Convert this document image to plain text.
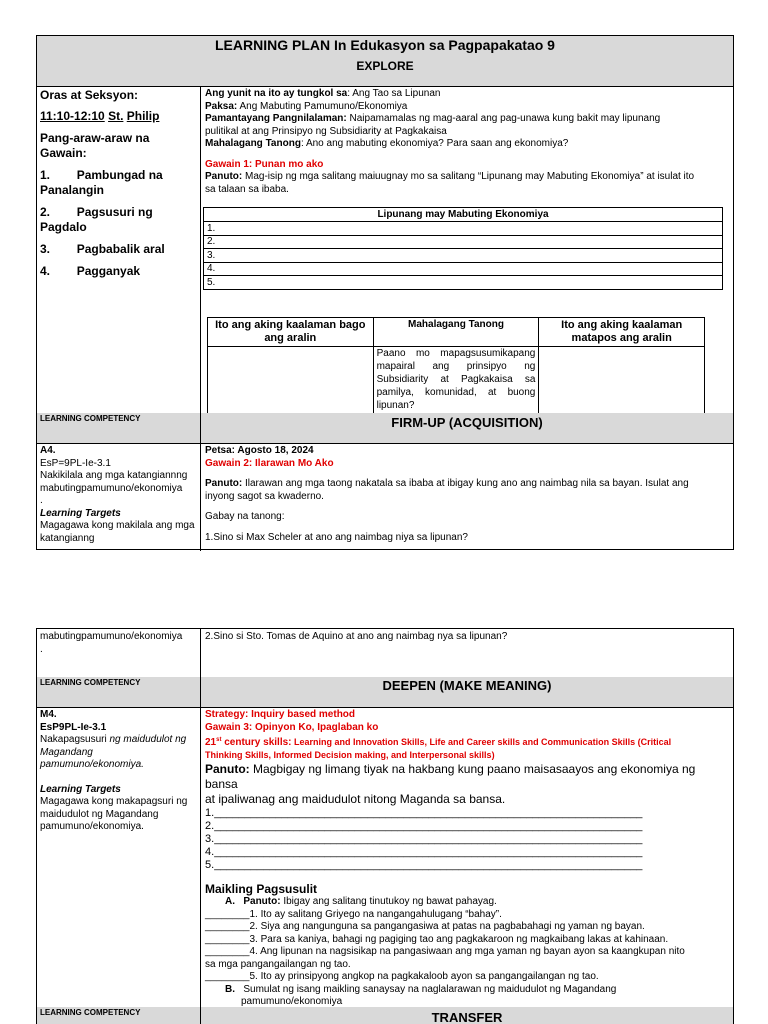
LEARNING PLAN In Edukasyon sa Pagpapakatao 9
EXPLORE
Oras at Seksyon:
11:10-12:10 St. Philip
Pang-araw-araw na Gawain:
1. Pambungad na
Panalangin
2. Pagsusuri ng
Pagdalo
3. Pagbabalik aral
4. Pagganyak
Ang yunit na ito ay tungkol sa: Ang Tao sa Lipunan
Paksa: Ang Mabuting Pamumuno/Ekonomiya
Pamantayang Pangnilalaman: Naipamamalas ng mag-aaral ang pag-unawa kung bakit may lipunang
pulitikal at ang Prinsipyo ng Subsidiarity at Pagkakaisa
Mahalagang Tanong: Ano ang mabuting ekonomiya? Para saan ang ekonomiya?
Gawain 1: Punan mo ako
Panuto: Mag-isip ng mga salitang maiuugnay mo sa salitang “Lipunang may Mabuting Ekonomiya” at isulat ito
sa talaan sa ibaba.
Lipunang may Mabuting Ekonomiya
1.
2.
3.
4.
5.
Ito ang aking kaalaman bago ang aralin	Mahalagang Tanong	Ito ang aking kaalaman matapos ang aralin
	Paano mo mapagsusumikapang mapairal ang prinsipyo ng Subsidiarity at Pagkakaisa sa pamilya, komunidad, at buong lipunan?	
LEARNING COMPETENCY	FIRM-UP (ACQUISITION)
A4.
EsP=9PL-Ie-3.1
Nakikilala ang mga katangiannng mabutingpamumuno/ekonomiya
.
Learning Targets
Magagawa kong makilala ang mga katangianng
Petsa: Agosto 18, 2024
Gawain 2: Ilarawan Mo Ako
Panuto: Ilarawan ang mga taong nakatala sa ibaba at ibigay kung ano ang naimbag nila sa bayan. Isulat ang
inyong sagot sa kwaderno.
Gabay na tanong:
1.Sino si Max Scheler at ano ang naimbag niya sa lipunan?
mabutingpamumuno/ekonomiya
.
2.Sino si Sto. Tomas de Aquino at ano ang naimbag nya sa lipunan?
LEARNING COMPETENCY	DEEPEN (MAKE MEANING)
M4.
EsP9PL-Ie-3.1
Nakapagsusuri ng maidudulot ng Magandang pamumuno/ekonomiya.
Learning Targets
Magagawa kong makapagsuri ng maidudulot ng Magandang pamumuno/ekonomiya.
Strategy: Inquiry based method
Gawain 3: Opinyon Ko, Ipaglaban ko
21st century skills: Learning and Innovation Skills, Life and Career skills and Communication Skills (Critical
Thinking Skills, Informed Decision making, and Interpersonal skills)
Panuto: Magbigay ng limang tiyak na hakbang kung paano maisasaayos ang ekonomiya ng bansa
at ipaliwanag ang maidudulot nitong Maganda sa bansa.
1.______________________________________________________________________
2.______________________________________________________________________
3.______________________________________________________________________
4.______________________________________________________________________
5.______________________________________________________________________
Maikling Pagsusulit
A. Panuto: Ibigay ang salitang tinutukoy ng bawat pahayag.
________1. Ito ay salitang Griyego na nangangahulugang “bahay”.
________2. Siya ang nangunguna sa pangangasiwa at patas na pagbabahagi ng yaman ng bayan.
________3. Para sa kaniya, bahagi ng pagiging tao ang pagkakaroon ng magkaibang lakas at kahinaan.
________4. Ang lipunan na nagsisikap na pangasiwaan ang mga yaman ng bayan ayon sa kaangkupan nito
sa mga pangangailangan ng tao.
________5. Ito ay prinsipyong angkop na pagkakaloob ayon sa pangangailangan ng tao.
B. Sumulat ng isang maikling sanaysay na naglalarawan ng maidudulot ng Magandang
pamumuno/ekonomiya
LEARNING COMPETENCY	TRANSFER
